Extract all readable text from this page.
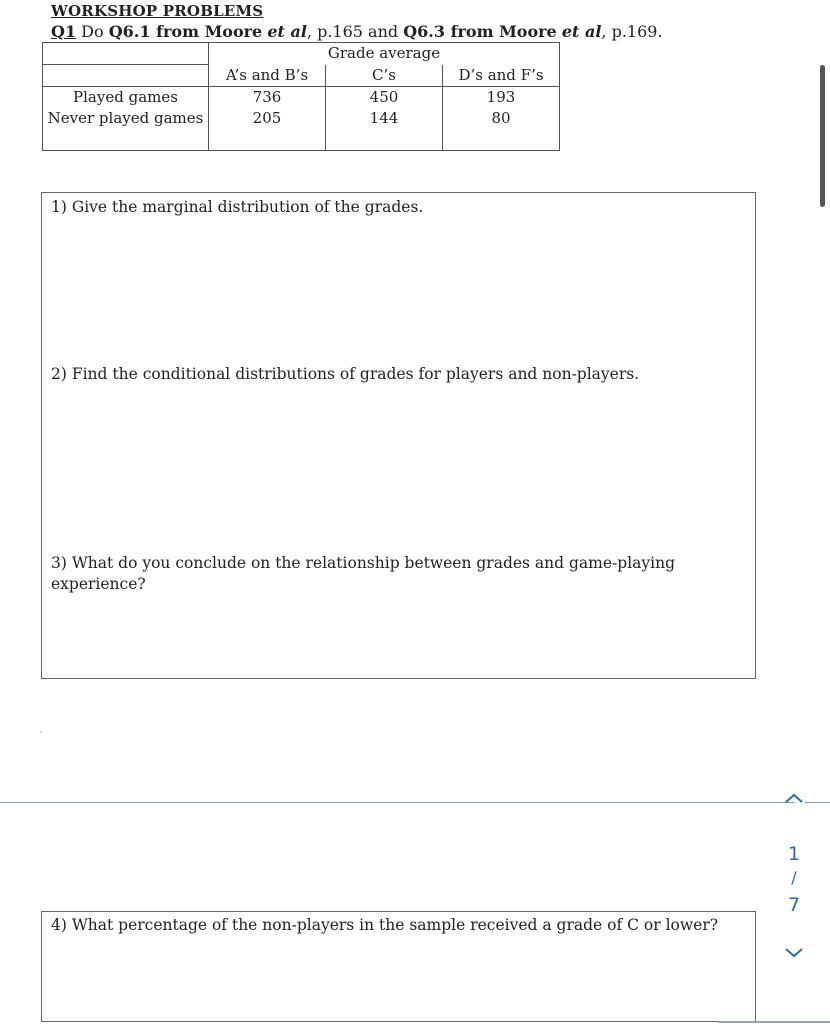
WORKSHOP PROBLEMS
Q1 Do Q6.1 from Moore et al, p.165 and Q6.3 from Moore et al, p.169.
	Grade average		
	A’s and B’s	C’s	D’s and F’s
Played games	736	450	193
Never played games	205	144	80
1) Give the marginal distribution of the grades.
2) Find the conditional distributions of grades for players and non-players.
3) What do you conclude on the relationship between grades and game-playing experience?
4) What percentage of the non-players in the sample received a grade of C or lower?
1
/
7
